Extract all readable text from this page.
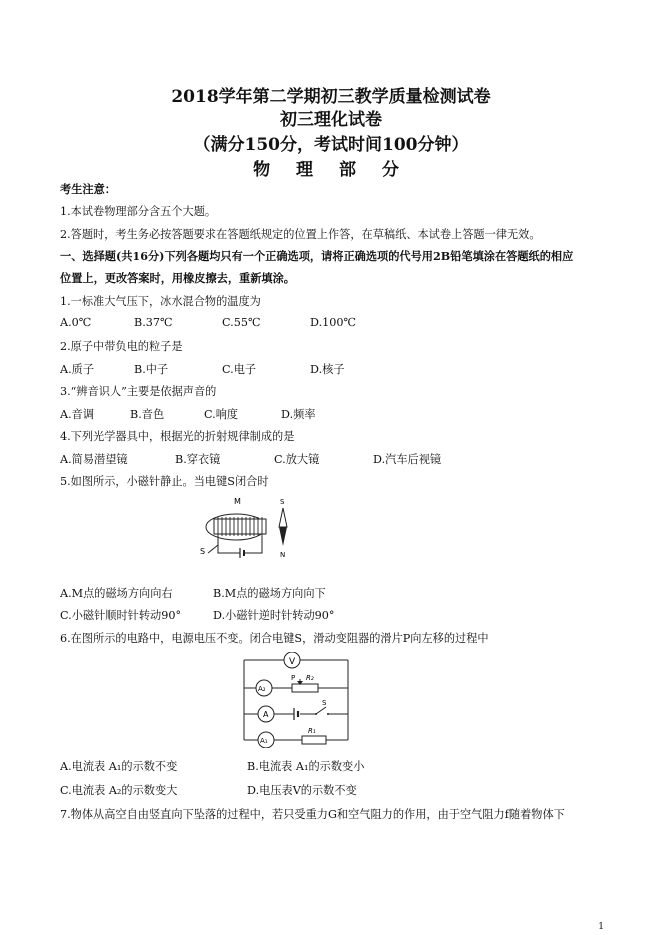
2018学年第二学期初三教学质量检测试卷
初三理化试卷
（满分150分，考试时间100分钟）
物 理 部 分
考生注意：
1.本试卷物理部分含五个大题。
2.答题时，考生务必按答题要求在答题纸规定的位置上作答，在草稿纸、本试卷上答题一律无效。
一、选择题(共16分)下列各题均只有一个正确选项，请将正确选项的代号用2B铅笔填涂在答题纸的相应
位置上，更改答案时，用橡皮擦去，重新填涂。
1.一标准大气压下，冰水混合物的温度为
A.0℃	B.37℃	C.55℃	D.100℃
2.原子中带负电的粒子是
A.质子	B.中子	C.电子	D.核子
3.“辨音识人”主要是依据声音的
A.音调	B.音色	C.响度	D.频率
4.下列光学器具中，根据光的折射规律制成的是
A.简易潜望镜	B.穿衣镜	C.放大镜	D.汽车后视镜
5.如图所示，小磁针静止。当电键S闭合时
M
S
S
N
A.M点的磁场方向向右	B.M点的磁场方向向下
C.小磁针顺时针转动90°	D.小磁针逆时针转动90°
6.在图所示的电路中，电源电压不变。闭合电键S，滑动变阻器的滑片P向左移的过程中
V
A₂
A
A₁
P R₂
R₁
S
A.电流表 A₁的示数不变	B.电流表 A₁的示数变小
C.电流表 A₂的示数变大	D.电压表V的示数不变
7.物体从高空自由竖直向下坠落的过程中，若只受重力G和空气阻力的作用，由于空气阻力f随着物体下
1
